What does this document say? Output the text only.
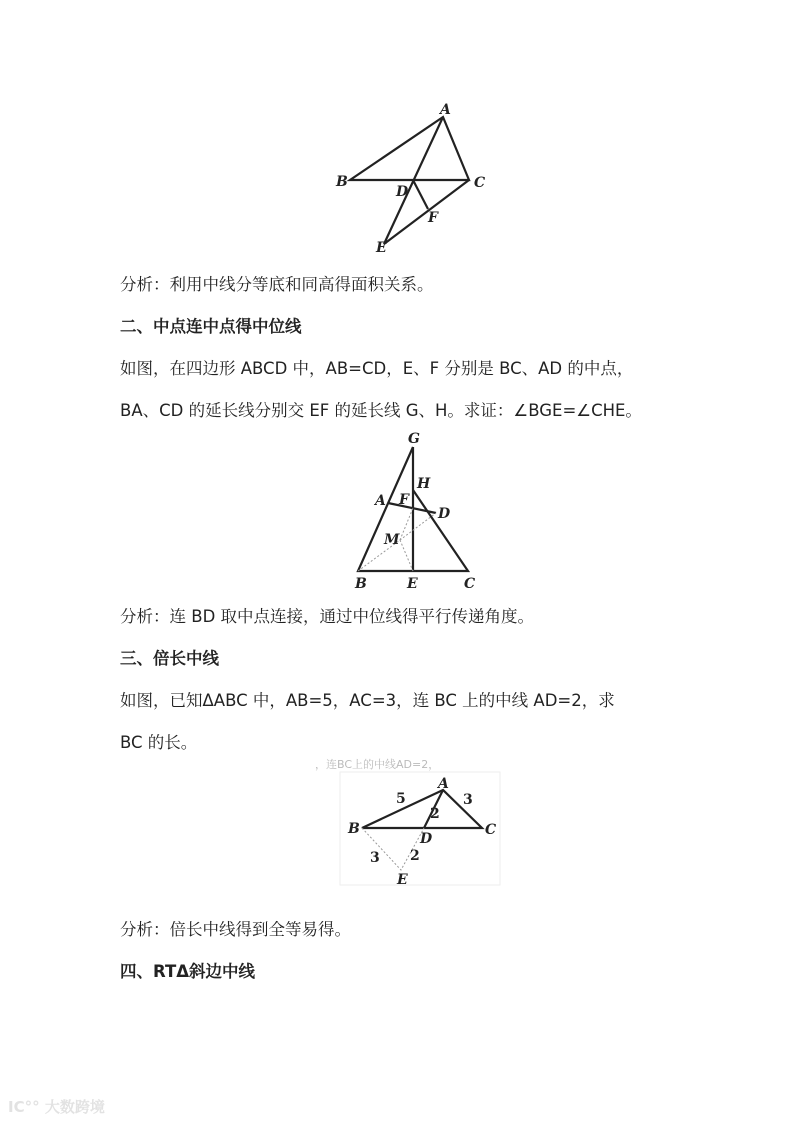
A
B	C
D
E
F
G
H
A F
D
M
B	E	C
A
B	C
D
E
5	3
2
3 2
，连BC上的中线AD=2，
分析：利用中线分等底和同高得面积关系。
二、中点连中点得中位线
如图，在四边形 ABCD 中，AB=CD，E、F 分别是 BC、AD 的中点，
BA、CD 的延长线分别交 EF 的延长线 G、H。求证：∠BGE=∠CHE。
分析：连 BD 取中点连接，通过中位线得平行传递角度。
三、倍长中线
如图，已知ΔABC 中，AB=5，AC=3，连 BC 上的中线 AD=2，求
BC 的长。
分析：倍长中线得到全等易得。
四、RTΔ斜边中线
IC°° 大数跨境
